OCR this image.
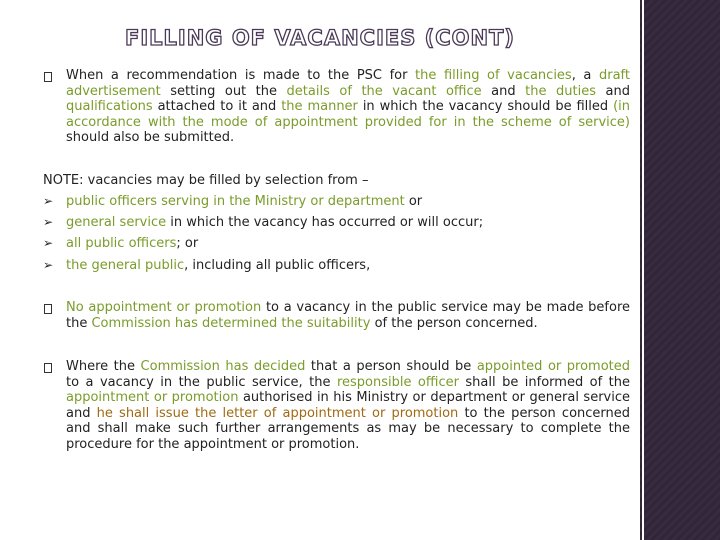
FILLING OF VACANCIES (CONT)
When a recommendation is made to the PSC for the filling of vacancies, a draft advertisement setting out the details of the vacant office and the duties and qualifications attached to it and the manner in which the vacancy should be filled (in accordance with the mode of appointment provided for in the scheme of service) should also be submitted.
NOTE: vacancies may be filled by selection from –
➢ public officers serving in the Ministry or department or
➢ general service in which the vacancy has occurred or will occur;
➢ all public officers; or
➢ the general public, including all public officers,
No appointment or promotion to a vacancy in the public service may be made before the Commission has determined the suitability of the person concerned.
Where the Commission has decided that a person should be appointed or promoted to a vacancy in the public service, the responsible officer shall be informed of the appointment or promotion authorised in his Ministry or department or general service and he shall issue the letter of appointment or promotion to the person concerned and shall make such further arrangements as may be necessary to complete the procedure for the appointment or promotion.
